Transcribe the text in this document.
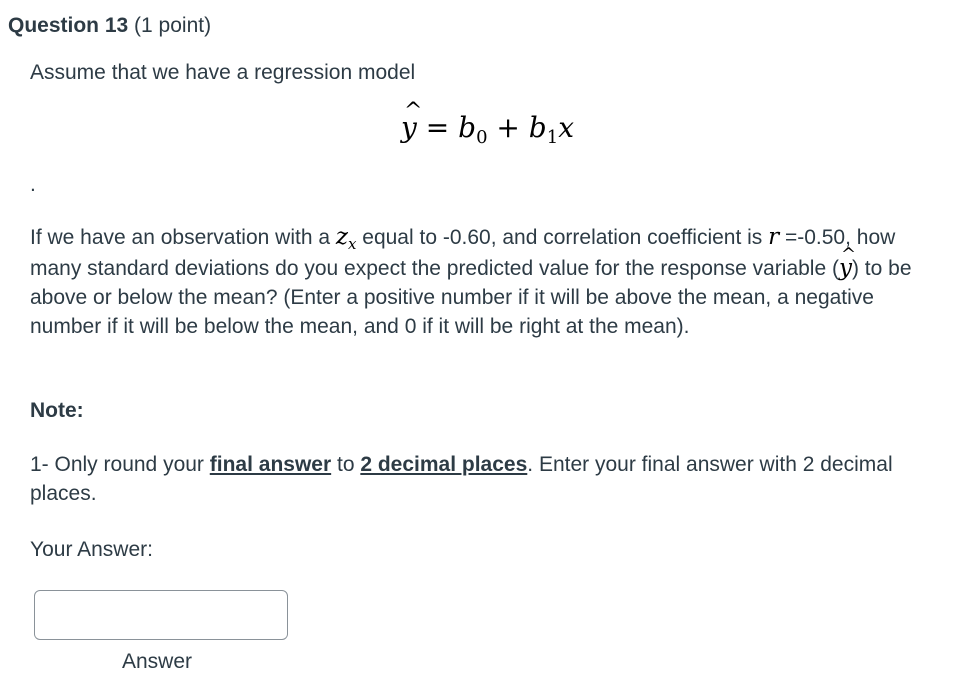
Question 13 (1 point)

Assume that we have a regression model

^ $y = b_0 + b_1x$
.

If we have an observation with a $z_x$ equal to -0.60, and correlation coefficient is r =-0.50, how many standard deviations do you expect the predicted value for the response variable (^ y) to be above or below the mean? (Enter a positive number if it will be above the mean, a negative number if it will be below the mean, and 0 if it will be right at the mean).

Note:

1- Only round your final answer to 2 decimal places. Enter your final answer with 2 decimal places.

Your Answer:

Answer
